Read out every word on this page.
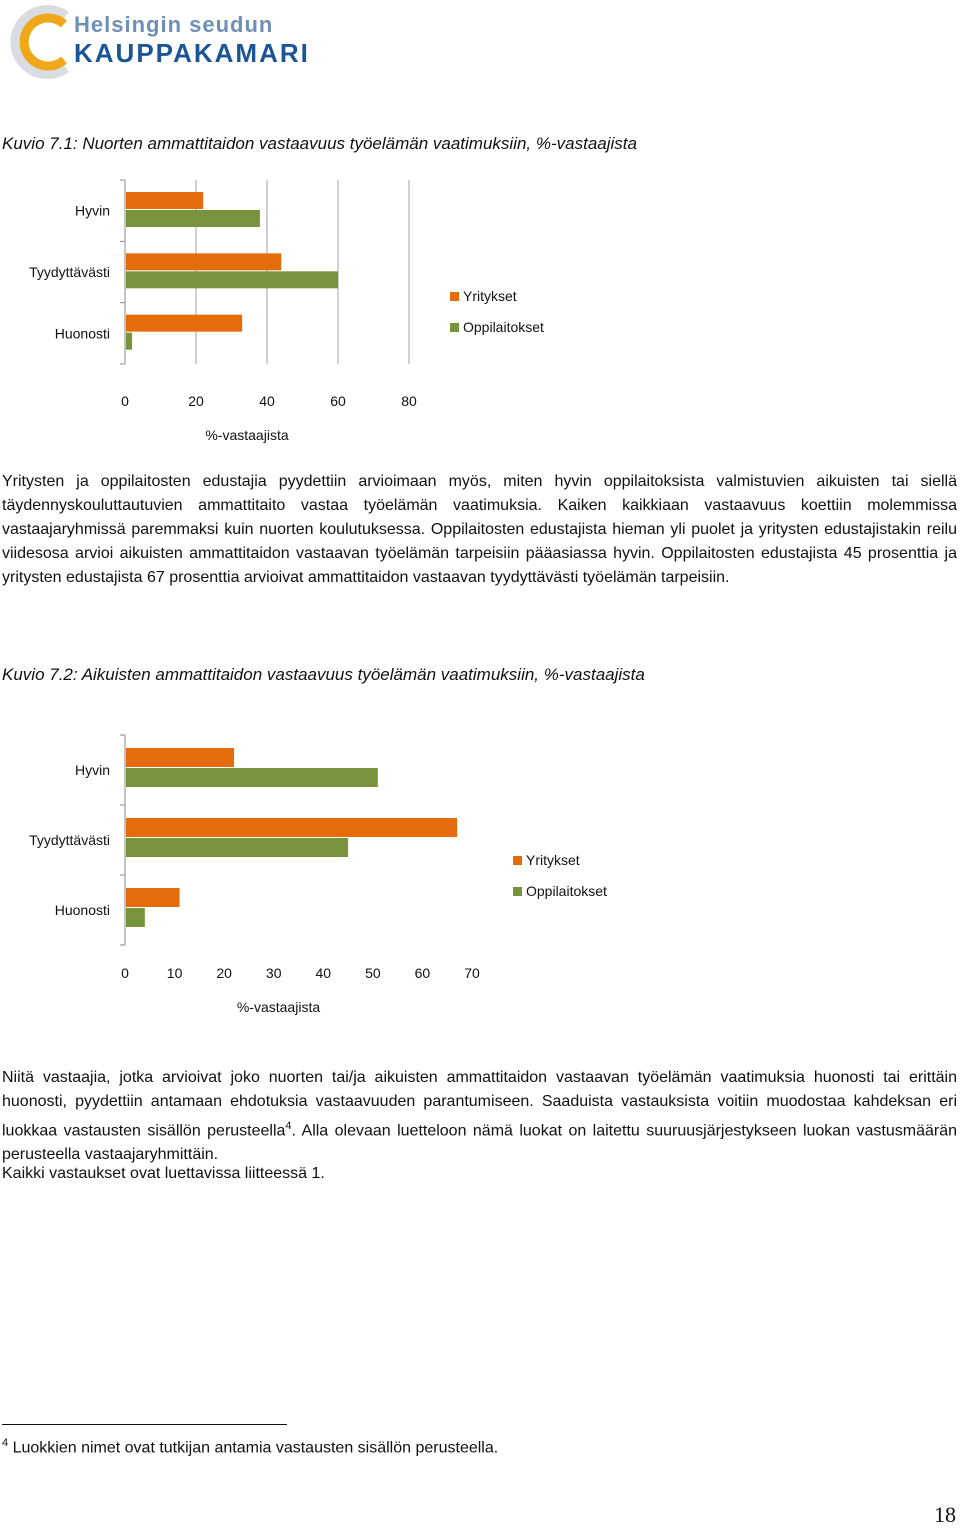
Helsingin seudun
KAUPPAKAMARI
Kuvio 7.1: Nuorten ammattitaidon vastaavuus työelämän vaatimuksiin, %-vastaajista
0	20	40	60	80
Hyvin
Tyydyttävästi
Huonosti
%-vastaajista
Yritykset
Oppilaitokset

Yritysten ja oppilaitosten edustajia pyydettiin arvioimaan myös, miten hyvin oppilaitoksista valmistuvien aikuisten tai siellä täydennyskouluttautuvien ammattitaito vastaa työelämän vaatimuksia. Kaiken kaikkiaan vastaavuus koettiin molemmissa vastaajaryhmissä paremmaksi kuin nuorten koulutuksessa. Oppilaitosten edustajista hieman yli puolet ja yritysten edustajistakin reilu viidesosa arvioi aikuisten ammattitaidon vastaavan työelämän tarpeisiin pääasiassa hyvin. Oppilaitosten edustajista 45 prosenttia ja yritysten edustajista 67 prosenttia arvioivat ammattitaidon vastaavan tyydyttävästi työelämän tarpeisiin.

Kuvio 7.2: Aikuisten ammattitaidon vastaavuus työelämän vaatimuksiin, %-vastaajista
0	10 20 30 40 50 60 70
Hyvin
Tyydyttävästi
Huonosti
%-vastaajista
Yritykset
Oppilaitokset

Niitä vastaajia, jotka arvioivat joko nuorten tai/ja aikuisten ammattitaidon vastaavan työelämän vaatimuksia huonosti tai erittäin huonosti, pyydettiin antamaan ehdotuksia vastaavuuden parantumiseen. Saaduista vastauksista voitiin muodostaa kahdeksan eri luokkaa vastausten sisällön perusteella$^4$. Alla olevaan luetteloon nämä luokat on laitettu suuruusjärjestykseen luokan vastusmäärän perusteella vastaajaryhmittäin.

Kaikki vastaukset ovat luettavissa liitteessä 1.

$^4$ Luokkien nimet ovat tutkijan antamia vastausten sisällön perusteella.
18
